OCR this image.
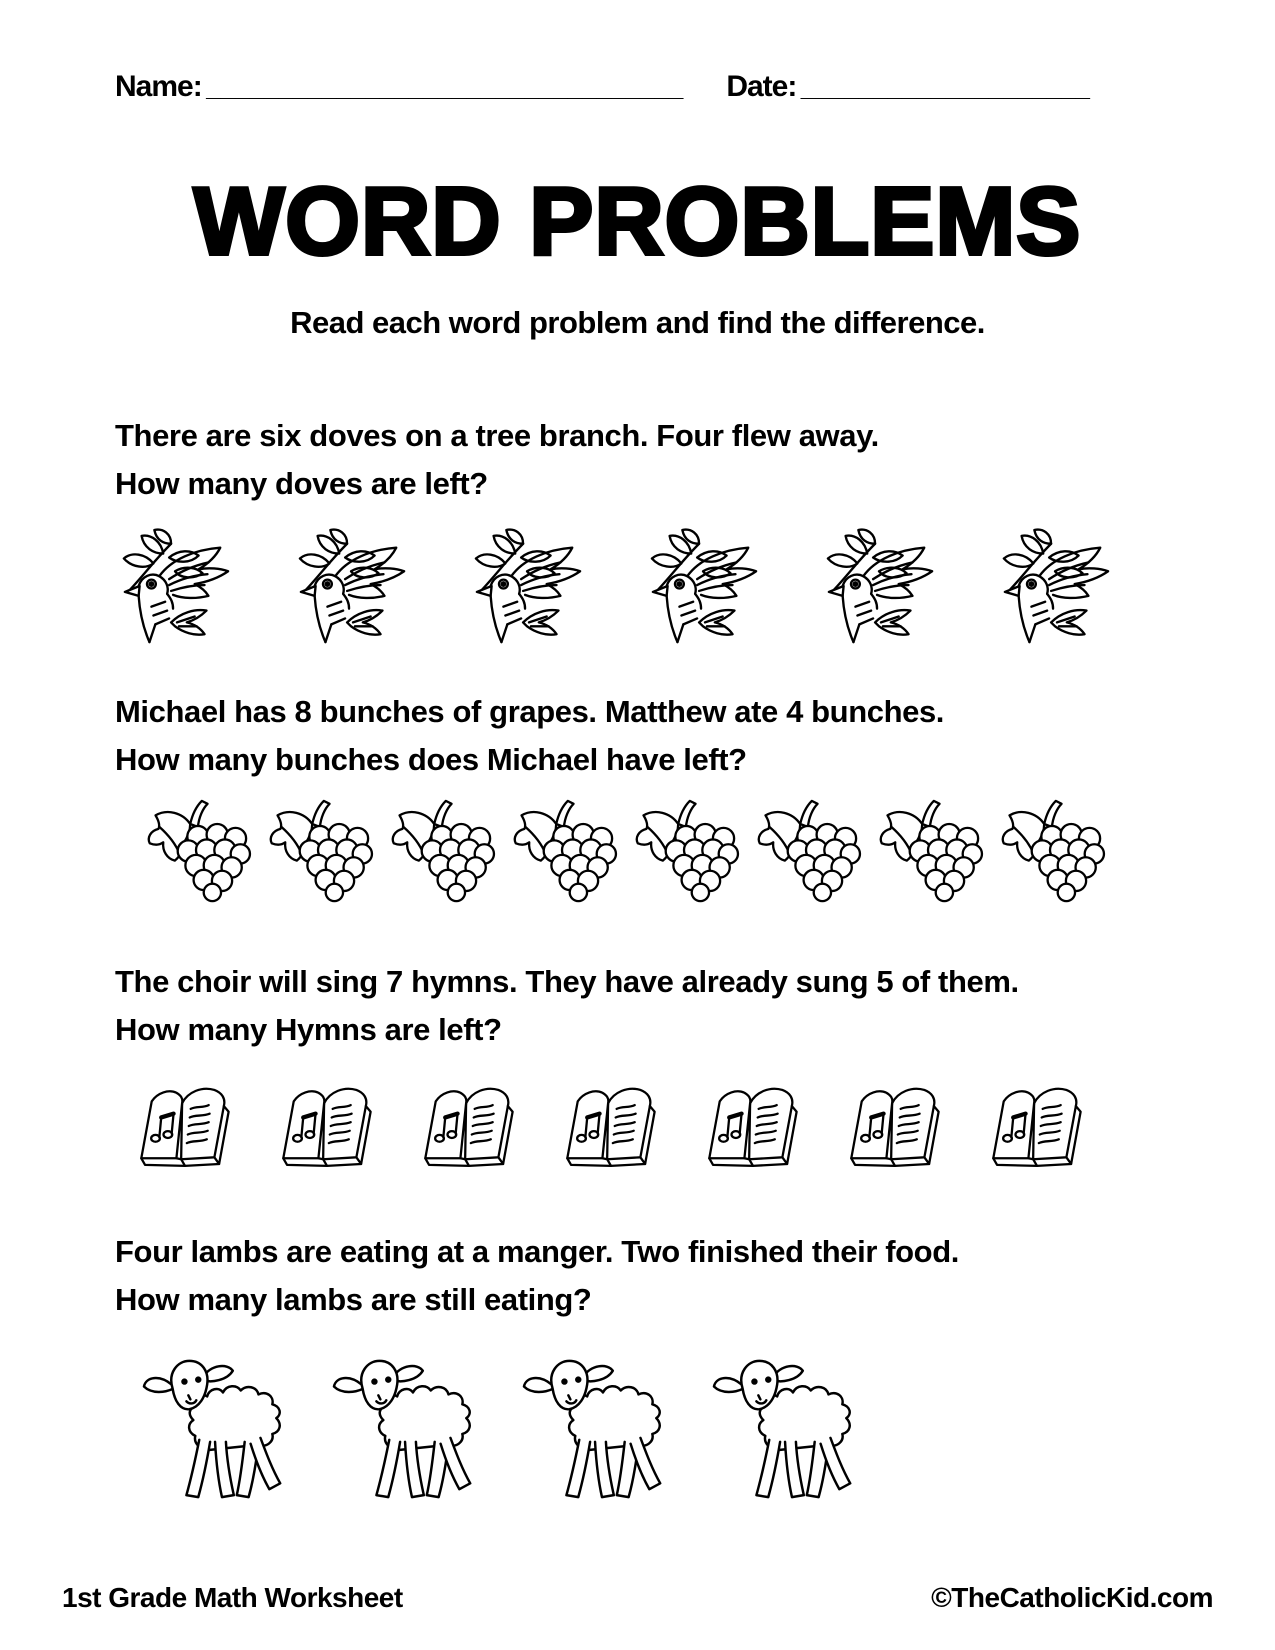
Name: _________________________________ Date: ____________________
WORD PROBLEMS
Read each word problem and find the difference.
There are six doves on a tree branch. Four flew away.
How many doves are left?
Michael has 8 bunches of grapes. Matthew ate 4 bunches.
How many bunches does Michael have left?
The choir will sing 7 hymns. They have already sung 5 of them.
How many Hymns are left?
Four lambs are eating at a manger. Two finished their food.
How many lambs are still eating?
1st Grade Math Worksheet	©TheCatholicKid.com
